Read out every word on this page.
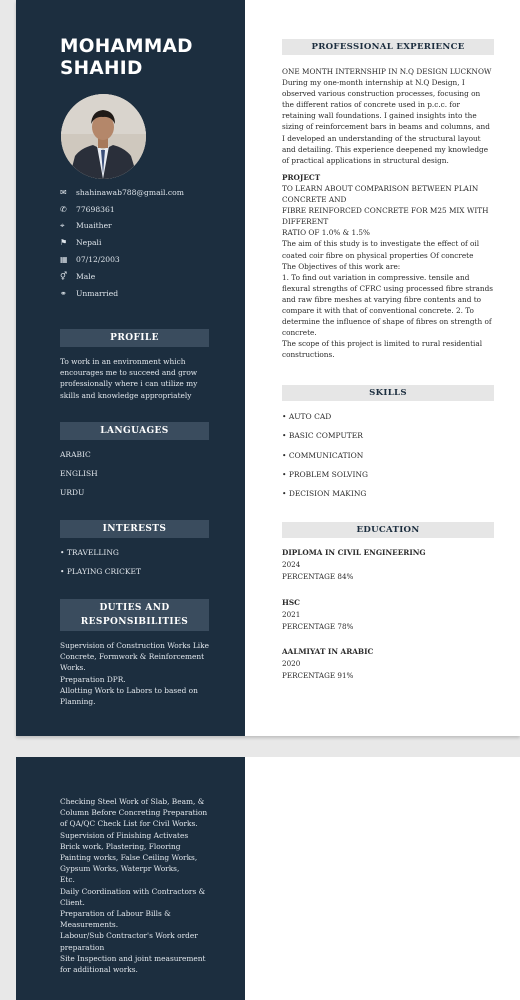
MOHAMMAD
SHAHID
✉	shahinawab788@gmail.com
✆	77698361
⌖	Muaither
⚑	Nepali
▦	07/12/2003
⚥	Male
⚭	Unmarried
PROFILE
To work in an environment which encourages me to succeed and grow professionally where i can utilize my skills and knowledge appropriately
LANGUAGES
ARABIC
ENGLISH
URDU
INTERESTS
• TRAVELLING
• PLAYING CRICKET
DUTIES AND
RESPONSIBILITIES
Supervision of Construction Works Like Concrete, Formwork & Reinforcement Works.
Preparation DPR.
Allotting Work to Labors to based on Planning.
PROFESSIONAL EXPERIENCE
ONE MONTH INTERNSHIP IN N.Q DESIGN LUCKNOW
During my one-month internship at N.Q Design, I observed various construction processes, focusing on the different ratios of concrete used in p.c.c. for retaining wall foundations. I gained insights into the sizing of reinforcement bars in beams and columns, and I developed an understanding of the structural layout and detailing. This experience deepened my knowledge of practical applications in structural design.
PROJECT
TO LEARN ABOUT COMPARISON BETWEEN PLAIN CONCRETE AND
FIBRE REINFORCED CONCRETE FOR M25 MIX WITH DIFFERENT
RATIO OF 1.0% & 1.5%
The aim of this study is to investigate the effect of oil coated coir fibre on physical properties Of concrete
The Objectives of this work are:
1. To find out variation in compressive. tensile and flexural strengths of CFRC using processed fibre strands and raw fibre meshes at varying fibre contents and to compare it with that of conventional concrete. 2. To determine the influence of shape of fibres on strength of concrete.
The scope of this project is limited to rural residential constructions.
SKILLS
• AUTO CAD
• BASIC COMPUTER
• COMMUNICATION
• PROBLEM SOLVING
• DECISION MAKING
EDUCATION
DIPLOMA IN CIVIL ENGINEERING
2024
PERCENTAGE 84%
HSC
2021
PERCENTAGE 78%
AALMIYAT IN ARABIC
2020
PERCENTAGE 91%
Checking Steel Work of Slab, Beam, & Column Before Concreting Preparation of QA/QC Check List for Civil Works.
Supervision of Finishing Activates Brick work, Plastering, Flooring Painting works, False Ceiling Works, Gypsum Works, Waterpr Works,
Etc.
Daily Coordination with Contractors & Client.
Preparation of Labour Bills & Measurements.
Labour/Sub Contractor's Work order preparation
Site Inspection and joint measurement for additional works.
